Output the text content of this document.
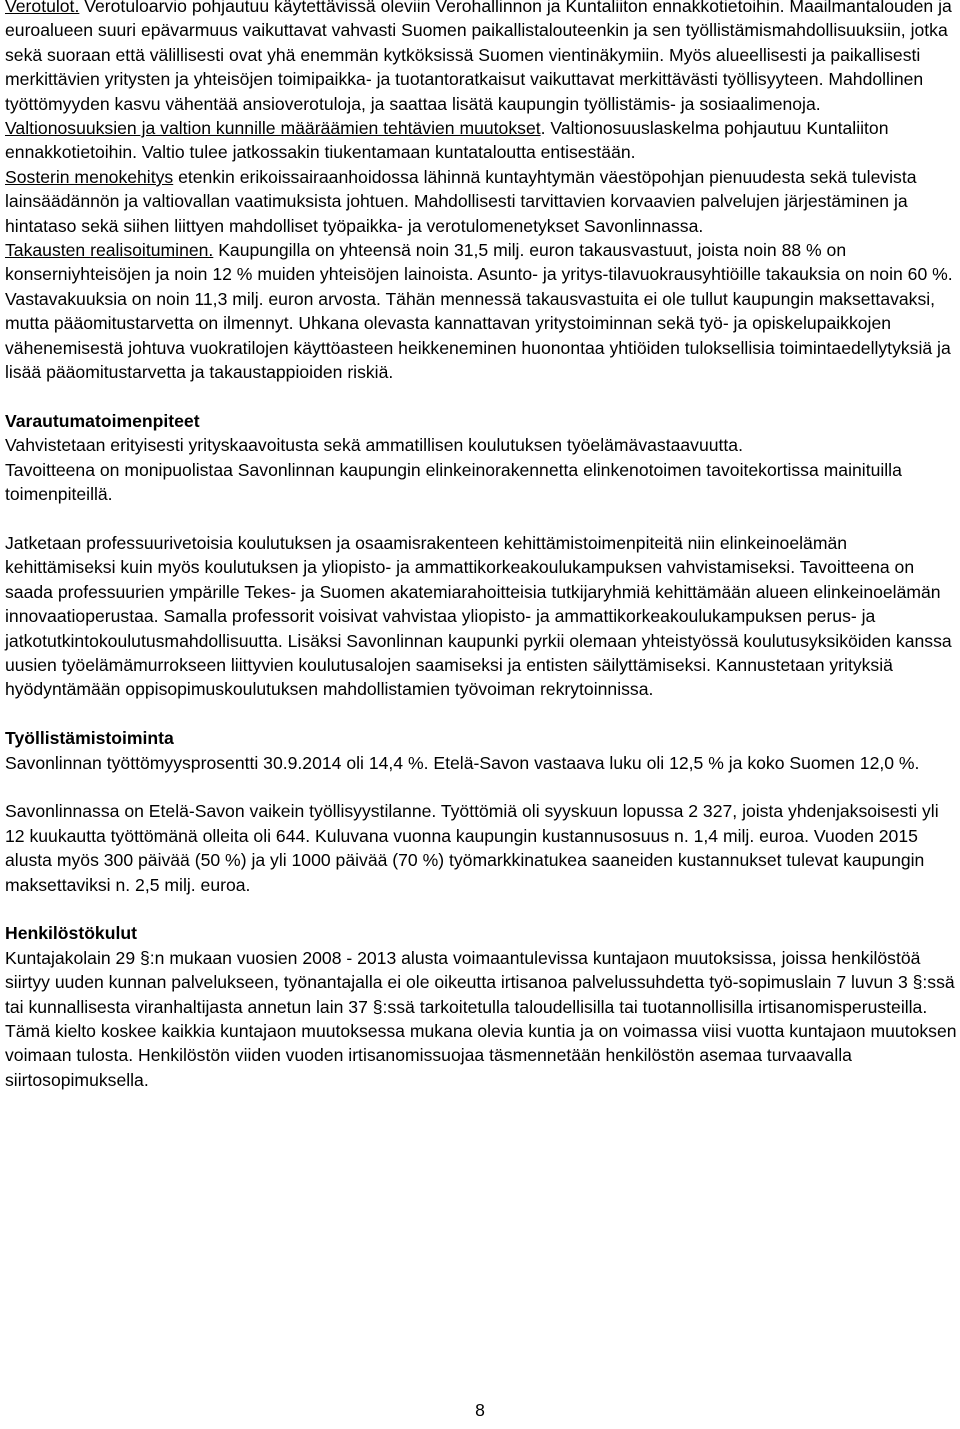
Verotulot. Verotuloarvio pohjautuu käytettävissä oleviin Verohallinnon ja Kuntaliiton ennakkotietoihin. Maailmantalouden ja euroalueen suuri epävarmuus vaikuttavat vahvasti Suomen paikallistalouteenkin ja sen työllistämismahdollisuuksiin, jotka sekä suoraan että välillisesti ovat yhä enemmän kytköksissä Suomen vientinäkymiin. Myös alueellisesti ja paikallisesti merkittävien yritysten ja yhteisöjen toimipaikka- ja tuotantoratkaisut vaikuttavat merkittävästi työllisyyteen. Mahdollinen työttömyyden kasvu vähentää ansioverotuloja, ja saattaa lisätä kaupungin työllistämis- ja sosiaalimenoja.

Valtionosuuksien ja valtion kunnille määräämien tehtävien muutokset. Valtionosuuslaskelma pohjautuu Kuntaliiton ennakkotietoihin. Valtio tulee jatkossakin tiukentamaan kuntataloutta entisestään.

Sosterin menokehitys etenkin erikoissairaanhoidossa lähinnä kuntayhtymän väestöpohjan pienuudesta sekä tulevista lainsäädännön ja valtiovallan vaatimuksista johtuen. Mahdollisesti tarvittavien korvaavien palvelujen järjestäminen ja hintataso sekä siihen liittyen mahdolliset työpaikka- ja verotulomenetykset Savonlinnassa.

Takausten realisoituminen. Kaupungilla on yhteensä noin 31,5 milj. euron takausvastuut, joista noin 88 % on konserniyhteisöjen ja noin 12 % muiden yhteisöjen lainoista. Asunto- ja yritys-tilavuokrausyhtiöille takauksia on noin 60 %. Vastavakuuksia on noin 11,3 milj. euron arvosta. Tähän mennessä takausvastuita ei ole tullut kaupungin maksettavaksi, mutta pääomitustarvetta on ilmennyt. Uhkana olevasta kannattavan yritystoiminnan sekä työ- ja opiskelupaikkojen vähenemisestä johtuva vuokratilojen käyttöasteen heikkeneminen huonontaa yhtiöiden tuloksellisia toimintaedellytyksiä ja lisää pääomitustarvetta ja takaustappioiden riskiä.

Varautumatoimenpiteet

Vahvistetaan erityisesti yrityskaavoitusta sekä ammatillisen koulutuksen työelämävastaavuutta.

Tavoitteena on monipuolistaa Savonlinnan kaupungin elinkeinorakennetta elinkenotoimen tavoitekortissa mainituilla toimenpiteillä.

Jatketaan professuurivetoisia koulutuksen ja osaamisrakenteen kehittämistoimenpiteitä niin elinkeinoelämän kehittämiseksi kuin myös koulutuksen ja yliopisto- ja ammattikorkeakoulukampuksen vahvistamiseksi. Tavoitteena on saada professuurien ympärille Tekes- ja Suomen akatemiarahoitteisia tutkijaryhmiä kehittämään alueen elinkeinoelämän innovaatioperustaa. Samalla professorit voisivat vahvistaa yliopisto- ja ammattikorkeakoulukampuksen perus- ja jatkotutkintokoulutusmahdollisuutta. Lisäksi Savonlinnan kaupunki pyrkii olemaan yhteistyössä koulutusyksiköiden kanssa uusien työelämämurrokseen liittyvien koulutusalojen saamiseksi ja entisten säilyttämiseksi. Kannustetaan yrityksiä hyödyntämään oppisopimuskoulutuksen mahdollistamien työvoiman rekrytoinnissa.

Työllistämistoiminta

Savonlinnan työttömyysprosentti 30.9.2014 oli 14,4 %. Etelä-Savon vastaava luku oli 12,5 % ja koko Suomen 12,0 %.

Savonlinnassa on Etelä-Savon vaikein työllisyystilanne. Työttömiä oli syyskuun lopussa 2 327, joista yhdenjaksoisesti yli 12 kuukautta työttömänä olleita oli 644. Kuluvana vuonna kaupungin kustannusosuus n. 1,4 milj. euroa. Vuoden 2015 alusta myös 300 päivää (50 %) ja yli 1000 päivää (70 %) työmarkkinatukea saaneiden kustannukset tulevat kaupungin maksettaviksi n. 2,5 milj. euroa.

Henkilöstökulut

Kuntajakolain 29 §:n mukaan vuosien 2008 - 2013 alusta voimaantulevissa kuntajaon muutoksissa, joissa henkilöstöä siirtyy uuden kunnan palvelukseen, työnantajalla ei ole oikeutta irtisanoa palvelussuhdetta työ-sopimuslain 7 luvun 3 §:ssä tai kunnallisesta viranhaltijasta annetun lain 37 §:ssä tarkoitetulla taloudellisilla tai tuotannollisilla irtisanomisperusteilla. Tämä kielto koskee kaikkia kuntajaon muutoksessa mukana olevia kuntia ja on voimassa viisi vuotta kuntajaon muutoksen voimaan tulosta. Henkilöstön viiden vuoden irtisanomissuojaa täsmennetään henkilöstön asemaa turvaavalla siirtosopimuksella.

8
